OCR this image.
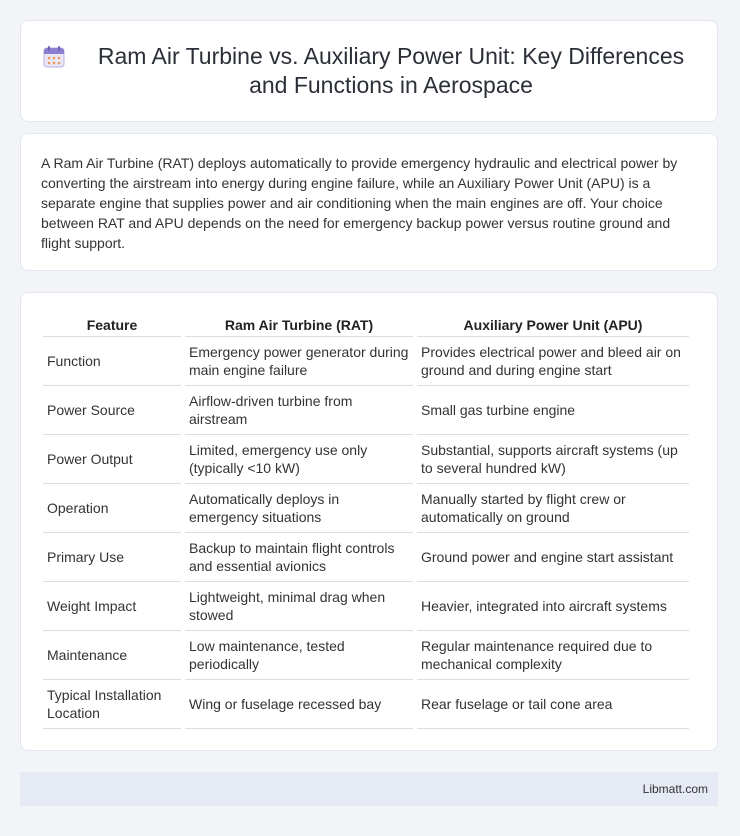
Ram Air Turbine vs. Auxiliary Power Unit: Key Differences and Functions in Aerospace

A Ram Air Turbine (RAT) deploys automatically to provide emergency hydraulic and electrical power by converting the airstream into energy during engine failure, while an Auxiliary Power Unit (APU) is a separate engine that supplies power and air conditioning when the main engines are off. Your choice between RAT and APU depends on the need for emergency backup power versus routine ground and flight support.

Feature	Ram Air Turbine (RAT)	Auxiliary Power Unit (APU)
Function	Emergency power generator during main engine failure	Provides electrical power and bleed air on ground and during engine start
Power Source	Airflow-driven turbine from airstream	Small gas turbine engine
Power Output	Limited, emergency use only (typically <10 kW)	Substantial, supports aircraft systems (up to several hundred kW)
Operation	Automatically deploys in emergency situations	Manually started by flight crew or automatically on ground
Primary Use	Backup to maintain flight controls and essential avionics	Ground power and engine start assistant
Weight Impact	Lightweight, minimal drag when stowed	Heavier, integrated into aircraft systems
Maintenance	Low maintenance, tested periodically	Regular maintenance required due to mechanical complexity
Typical Installation Location	Wing or fuselage recessed bay	Rear fuselage or tail cone area
Libmatt.com
